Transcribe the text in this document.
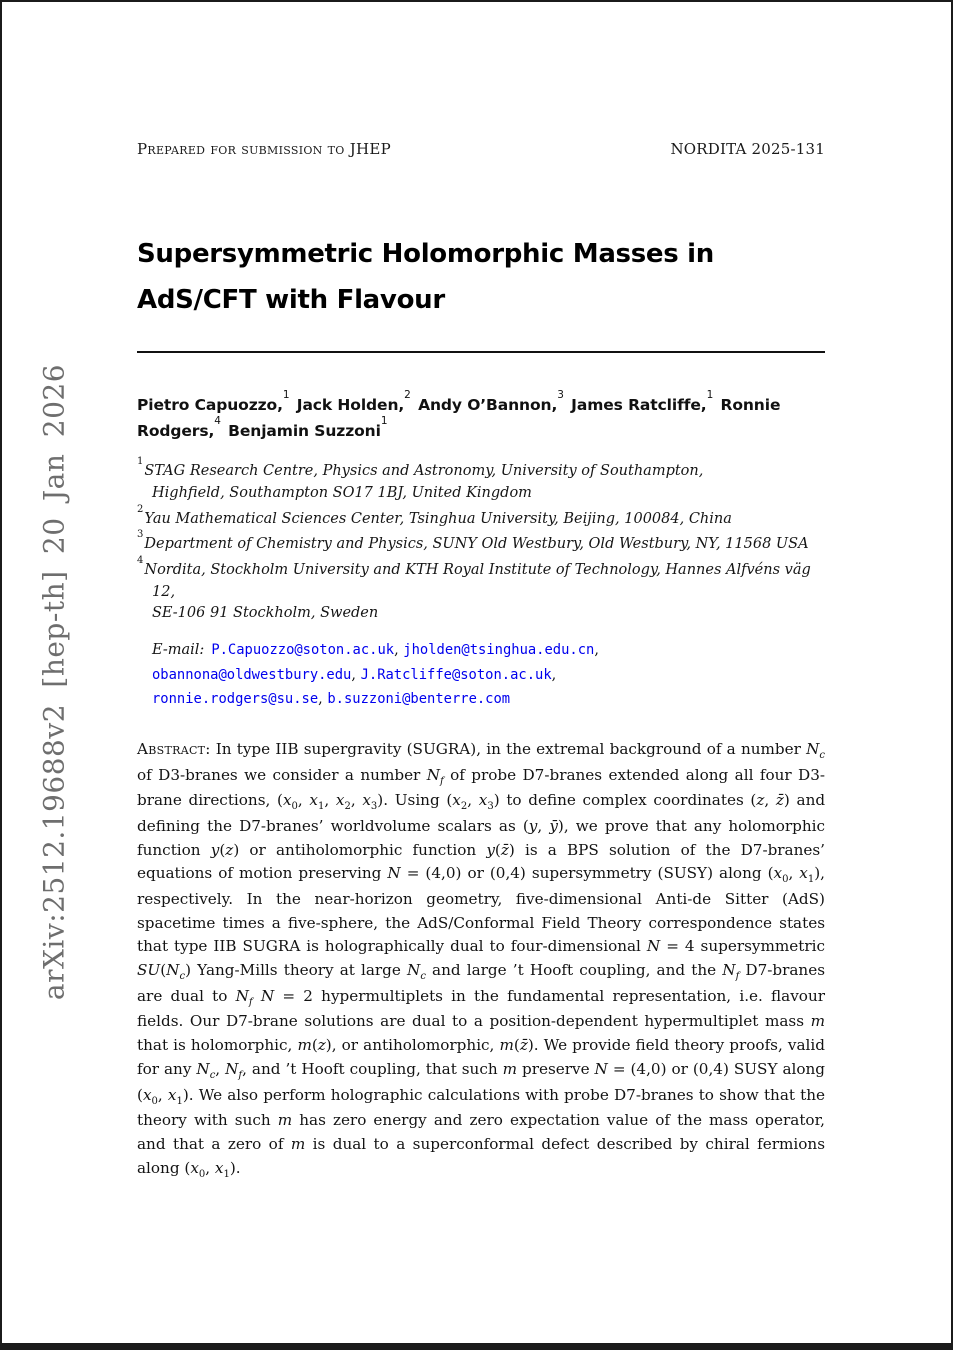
arXiv:2512.19688v2 [hep-th] 20 Jan 2026
Prepared for submission to JHEP	NORDITA 2025-131
Supersymmetric Holomorphic Masses in AdS/CFT with Flavour
Pietro Capuozzo,$^1$ Jack Holden,$^2$ Andy O’Bannon,$^3$ James Ratcliffe,$^1$ Ronnie Rodgers,$^4$ Benjamin Suzzoni$^1$
$^1$STAG Research Centre, Physics and Astronomy, University of Southampton,
Highfield, Southampton SO17 1BJ, United Kingdom
$^2$Yau Mathematical Sciences Center, Tsinghua University, Beijing, 100084, China
$^3$Department of Chemistry and Physics, SUNY Old Westbury, Old Westbury, NY, 11568 USA
$^4$Nordita, Stockholm University and KTH Royal Institute of Technology, Hannes Alfvéns väg 12,
SE-106 91 Stockholm, Sweden
E-mail: P.Capuozzo@soton.ac.uk, jholden@tsinghua.edu.cn, obannona@oldwestbury.edu, J.Ratcliffe@soton.ac.uk, ronnie.rodgers@su.se, b.suzzoni@benterre.com

Abstract: In type IIB supergravity (SUGRA), in the extremal background of a number $N_c$ of D3-branes we consider a number $N_f$ of probe D7-branes extended along all four D3-brane directions, ($x_0$, $x_1$, $x_2$, $x_3$). Using ($x_2$, $x_3$) to define complex coordinates (z, z̄) and defining the D7-branes’ worldvolume scalars as (y, ȳ), we prove that any holomorphic function y(z) or antiholomorphic function y(z̄) is a BPS solution of the D7-branes’ equations of motion preserving N = (4,0) or (0,4) supersymmetry (SUSY) along ($x_0$, $x_1$), respectively. In the near-horizon geometry, five-dimensional Anti-de Sitter (AdS) spacetime times a five-sphere, the AdS/Conformal Field Theory correspondence states that type IIB SUGRA is holographically dual to four-dimensional N = 4 supersymmetric $SU(N_c)$ Yang-Mills theory at large $N_c$ and large ’t Hooft coupling, and the $N_f$ D7-branes are dual to $N_f$ N = 2 hypermultiplets in the fundamental representation, i.e. flavour fields. Our D7-brane solutions are dual to a position-dependent hypermultiplet mass m that is holomorphic, m(z), or antiholomorphic, m(z̄). We provide field theory proofs, valid for any $N_c$, $N_f$, and ’t Hooft coupling, that such m preserve N = (4,0) or (0,4) SUSY along ($x_0$, $x_1$). We also perform holographic calculations with probe D7-branes to show that the theory with such m has zero energy and zero expectation value of the mass operator, and that a zero of m is dual to a superconformal defect described by chiral fermions along ($x_0$, $x_1$).
